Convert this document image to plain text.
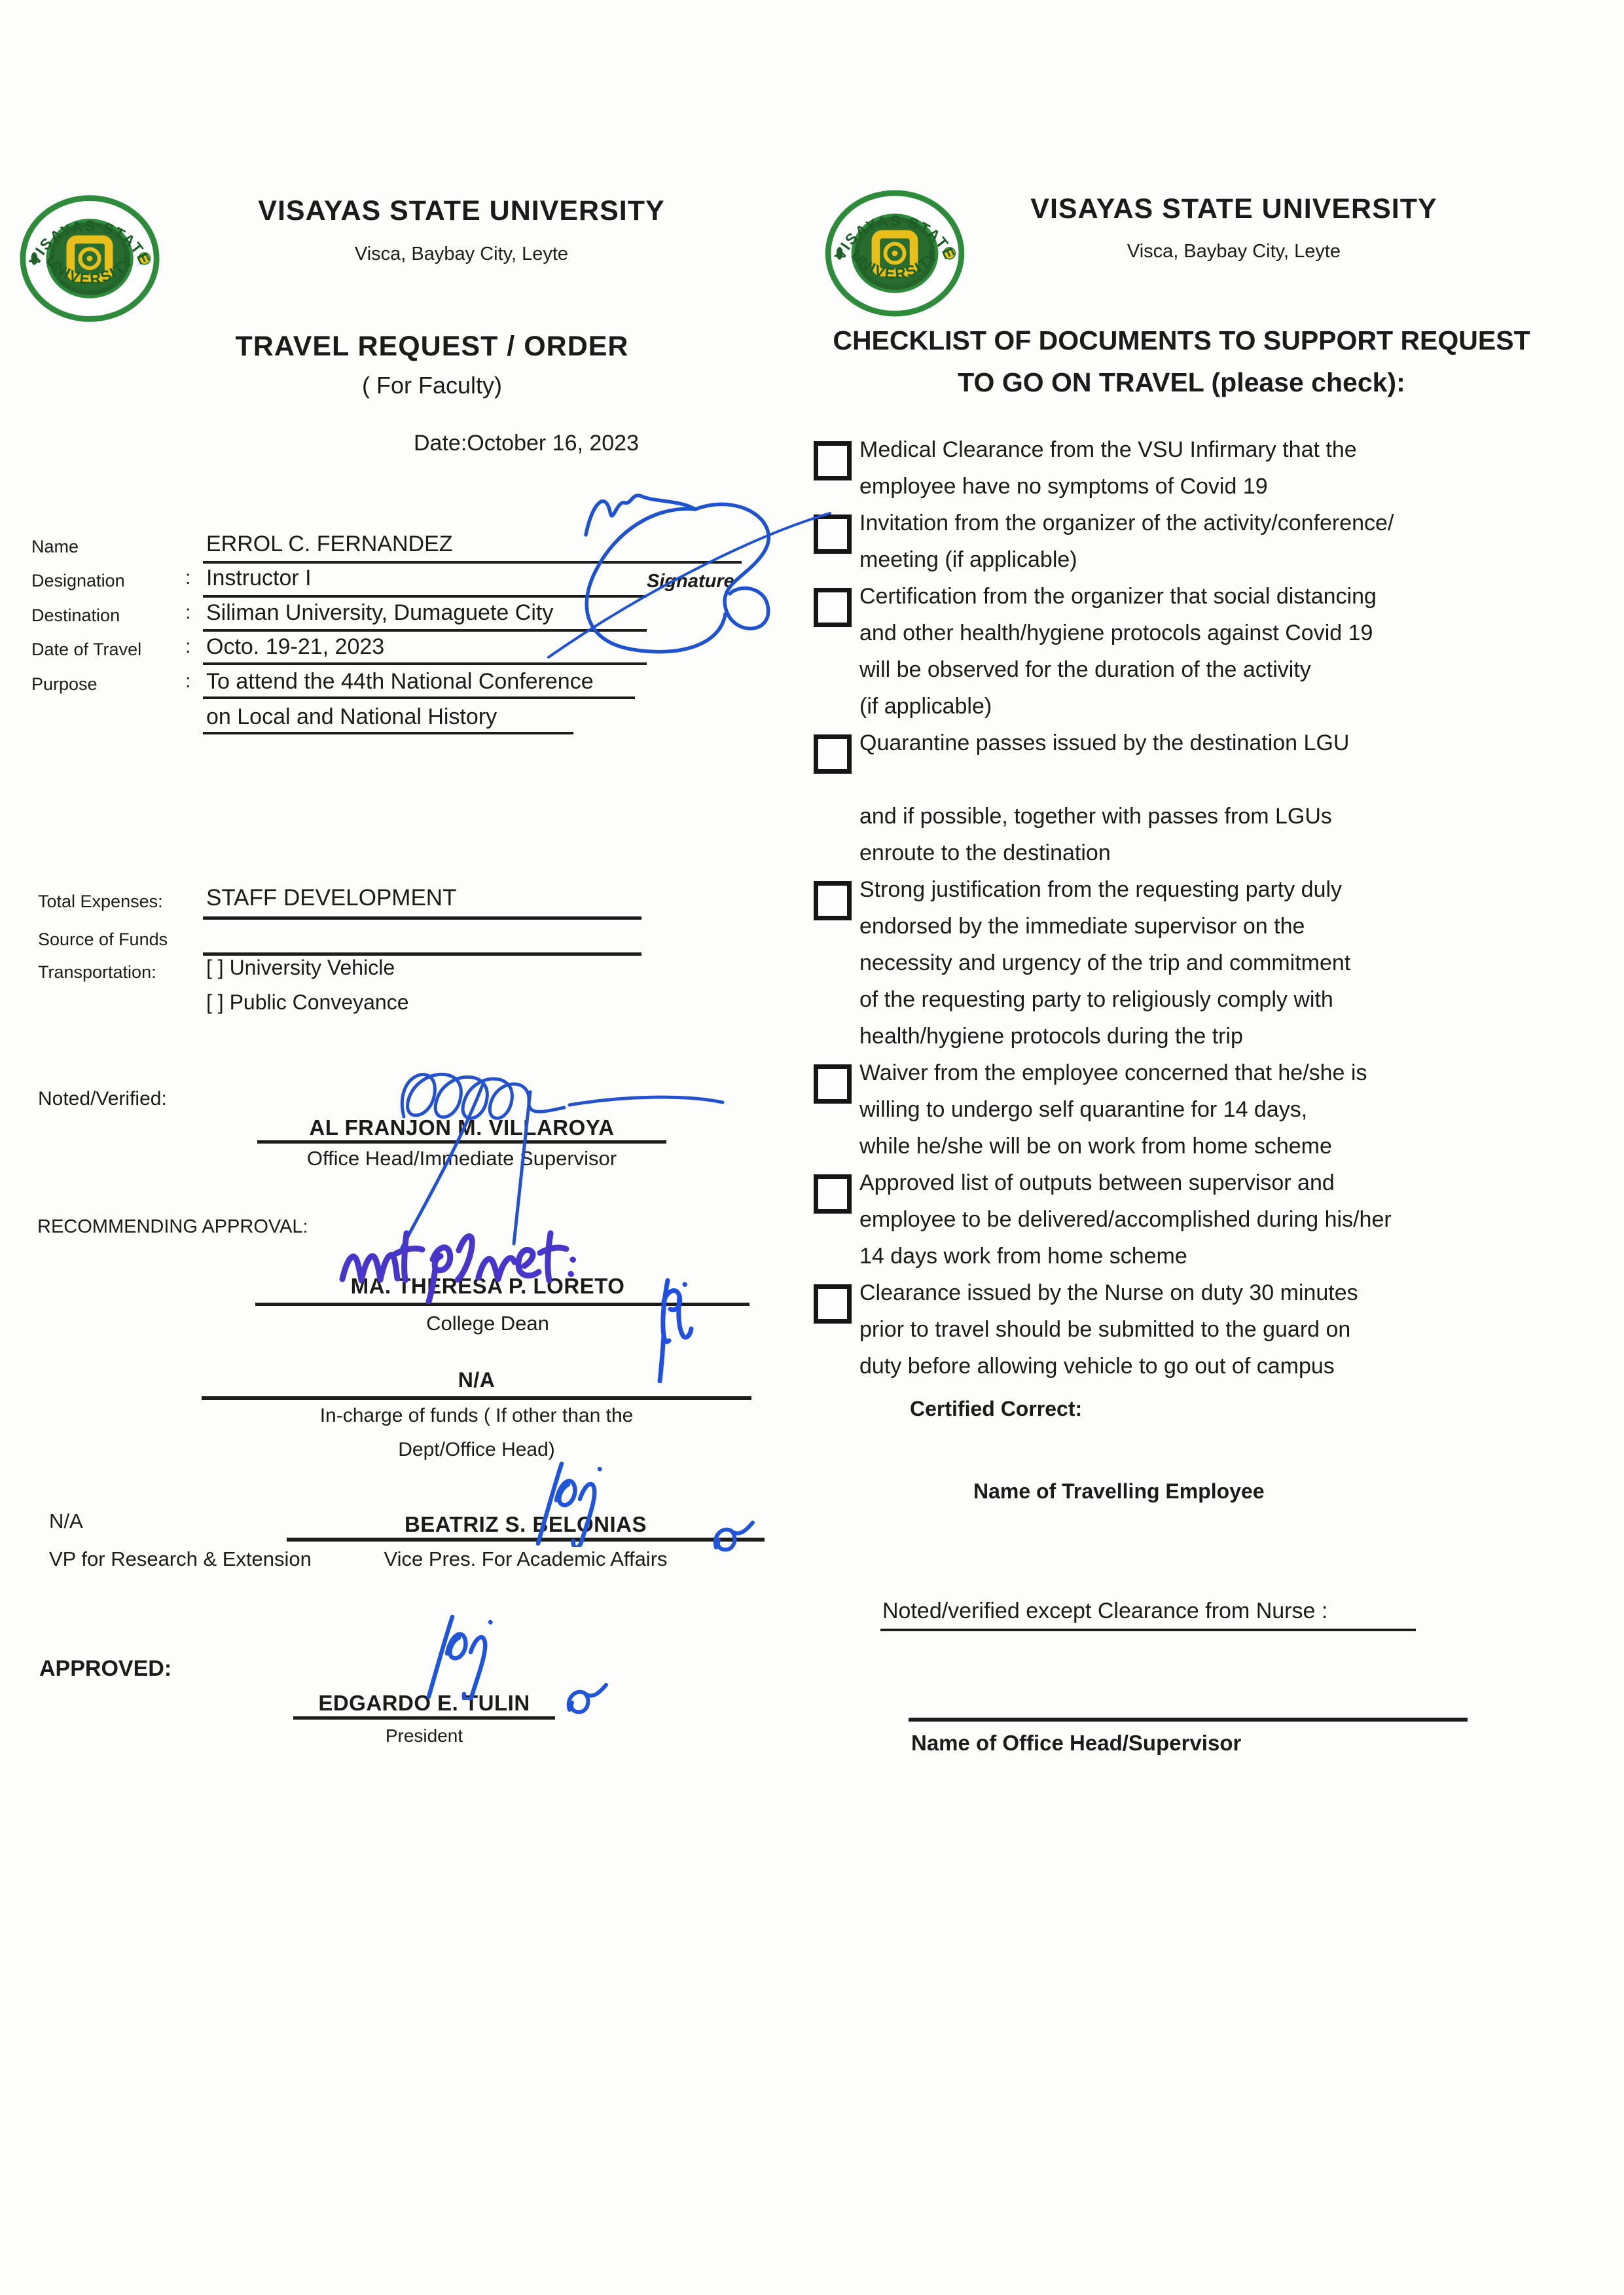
VISAYAS STATE
UNIVERSITY
VISAYAS STATE UNIVERSITY
Visca, Baybay City, Leyte
TRAVEL REQUEST / ORDER
( For Faculty)
Date:October 16, 2023
Name	ERROL C. FERNANDEZ
Designation	: Instructor I
Destination	: Siliman University, Dumaguete City
Date of Travel : Octo. 19-21, 2023
Purpose	: To attend the 44th National Conference
on Local and National History
Signature
Total Expenses: STAFF DEVELOPMENT
Source of Funds
Transportation: [ ] University Vehicle
[ ] Public Conveyance
Noted/Verified:
AL FRANJON M. VILLAROYA
Office Head/Immediate Supervisor
RECOMMENDING APPROVAL:
MA. THERESA P. LORETO
College Dean
N/A
In-charge of funds ( If other than the
Dept/Office Head)
N/A
VP for Research & Extension
BEATRIZ S. BELONIAS
Vice Pres. For Academic Affairs
APPROVED:
EDGARDO E. TULIN
President
VISAYAS STATE
UNIVERSITY
VISAYAS STATE UNIVERSITY
Visca, Baybay City, Leyte
CHECKLIST OF DOCUMENTS TO SUPPORT REQUEST
TO GO ON TRAVEL (please check):
Medical Clearance from the VSU Infirmary that the
employee have no symptoms of Covid 19
Invitation from the organizer of the activity/conference/
meeting (if applicable)
Certification from the organizer that social distancing
and other health/hygiene protocols against Covid 19
will be observed for the duration of the activity
(if applicable)
Quarantine passes issued by the destination LGU
and if possible, together with passes from LGUs
enroute to the destination
Strong justification from the requesting party duly
endorsed by the immediate supervisor on the
necessity and urgency of the trip and commitment
of the requesting party to religiously comply with
health/hygiene protocols during the trip
Waiver from the employee concerned that he/she is
willing to undergo self quarantine for 14 days,
while he/she will be on work from home scheme
Approved list of outputs between supervisor and
employee to be delivered/accomplished during his/her
14 days work from home scheme
Clearance issued by the Nurse on duty 30 minutes
prior to travel should be submitted to the guard on
duty before allowing vehicle to go out of campus
Certified Correct:
Name of Travelling Employee
Noted/verified except Clearance from Nurse :
Name of Office Head/Supervisor
